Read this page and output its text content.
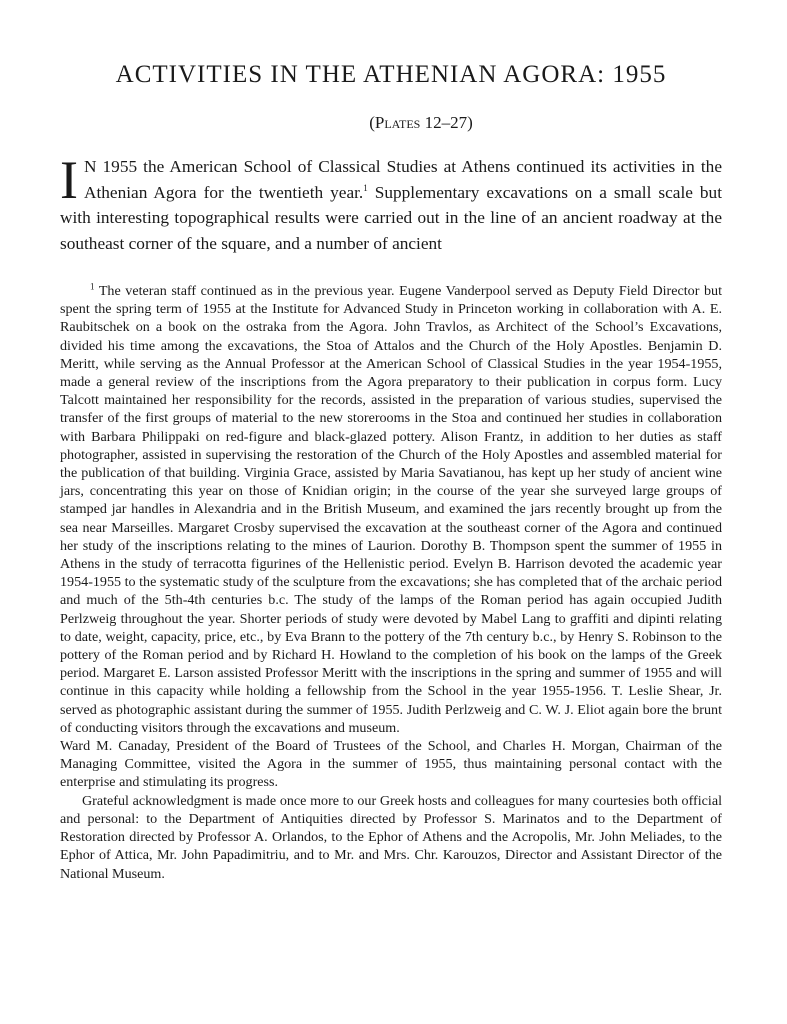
ACTIVITIES IN THE ATHENIAN AGORA: 1955
(Plates 12–27)
I N 1955 the American School of Classical Studies at Athens continued its activities in the Athenian Agora for the twentieth year.$^1$ Supplementary excavations on a small scale but with interesting topographical results were carried out in the line of an ancient roadway at the southeast corner of the square, and a number of ancient

$^1$ The veteran staff continued as in the previous year. Eugene Vanderpool served as Deputy Field Director but spent the spring term of 1955 at the Institute for Advanced Study in Princeton working in collaboration with A. E. Raubitschek on a book on the ostraka from the Agora. John Travlos, as Architect of the School’s Excavations, divided his time among the excavations, the Stoa of Attalos and the Church of the Holy Apostles. Benjamin D. Meritt, while serving as the Annual Professor at the American School of Classical Studies in the year 1954-1955, made a general review of the inscriptions from the Agora preparatory to their publication in corpus form. Lucy Talcott maintained her responsibility for the records, assisted in the preparation of various studies, supervised the transfer of the first groups of material to the new storerooms in the Stoa and continued her studies in collaboration with Barbara Philippaki on red-figure and black-glazed pottery. Alison Frantz, in addition to her duties as staff photographer, assisted in supervising the restoration of the Church of the Holy Apostles and assembled material for the publication of that building. Virginia Grace, assisted by Maria Savatianou, has kept up her study of ancient wine jars, concentrating this year on those of Knidian origin; in the course of the year she surveyed large groups of stamped jar handles in Alexandria and in the British Museum, and examined the jars recently brought up from the sea near Marseilles. Margaret Crosby supervised the excavation at the southeast corner of the Agora and continued her study of the inscriptions relating to the mines of Laurion. Dorothy B. Thompson spent the summer of 1955 in Athens in the study of terracotta figurines of the Hellenistic period. Evelyn B. Harrison devoted the academic year 1954-1955 to the systematic study of the sculpture from the excavations; she has completed that of the archaic period and much of the 5th-4th centuries b.c. The study of the lamps of the Roman period has again occupied Judith Perlzweig throughout the year. Shorter periods of study were devoted by Mabel Lang to graffiti and dipinti relating to date, weight, capacity, price, etc., by Eva Brann to the pottery of the 7th century b.c., by Henry S. Robinson to the pottery of the Roman period and by Richard H. Howland to the completion of his book on the lamps of the Greek period. Margaret E. Larson assisted Professor Meritt with the inscriptions in the spring and summer of 1955 and will continue in this capacity while holding a fellowship from the School in the year 1955-1956. T. Leslie Shear, Jr. served as photographic assistant during the summer of 1955. Judith Perlzweig and C. W. J. Eliot again bore the brunt of conducting visitors through the excavations and museum.

Ward M. Canaday, President of the Board of Trustees of the School, and Charles H. Morgan, Chairman of the Managing Committee, visited the Agora in the summer of 1955, thus maintaining personal contact with the enterprise and stimulating its progress.

Grateful acknowledgment is made once more to our Greek hosts and colleagues for many courtesies both official and personal: to the Department of Antiquities directed by Professor S. Marinatos and to the Department of Restoration directed by Professor A. Orlandos, to the Ephor of Athens and the Acropolis, Mr. John Meliades, to the Ephor of Attica, Mr. John Papadimitriu, and to Mr. and Mrs. Chr. Karouzos, Director and Assistant Director of the National Museum.
